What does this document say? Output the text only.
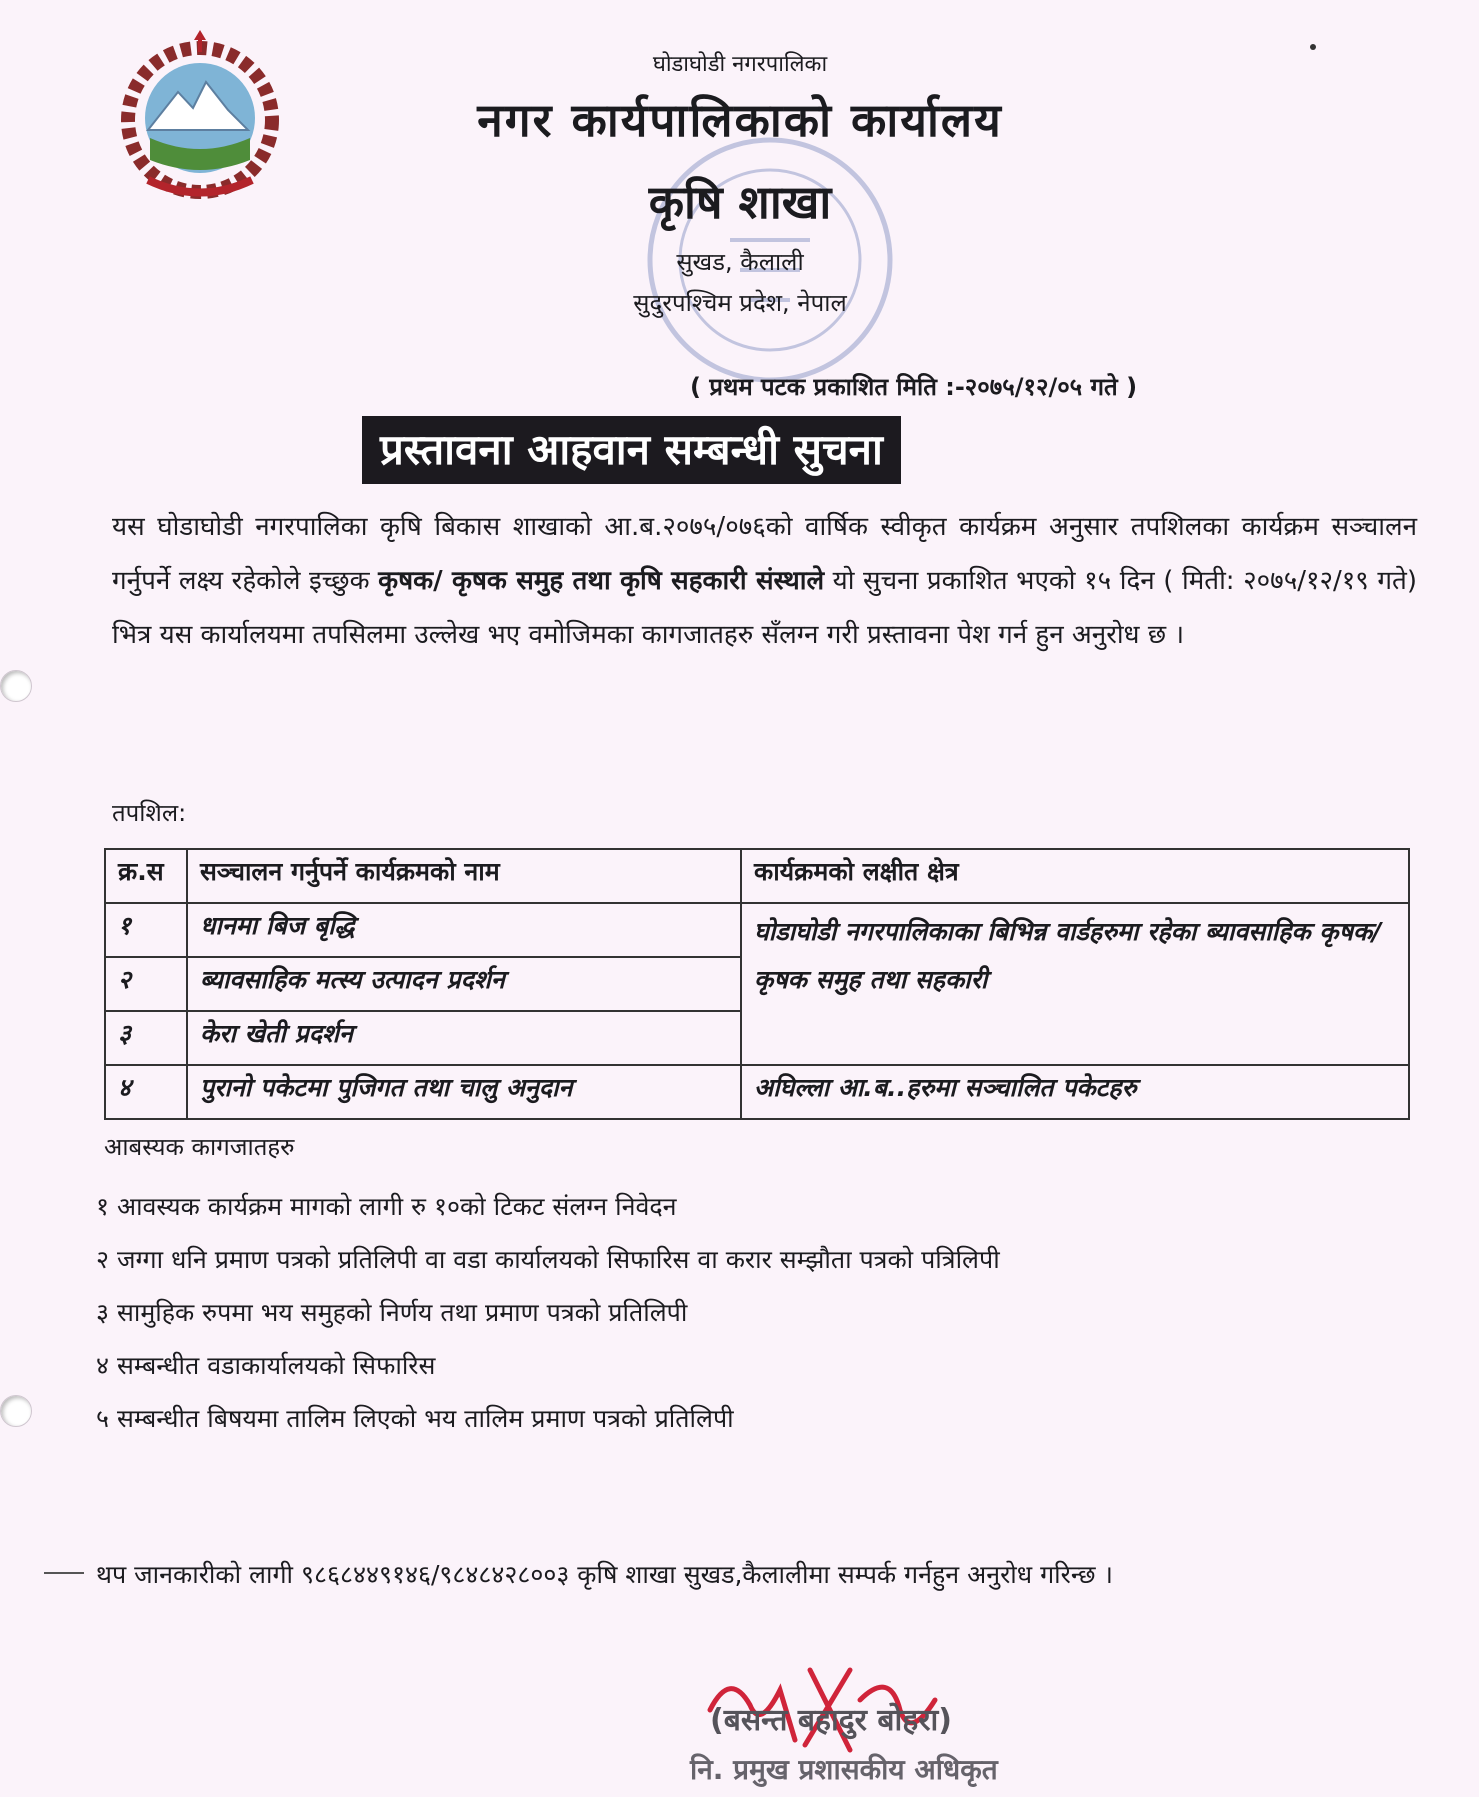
घोडाघोडी नगरपालिका
नगर कार्यपालिकाको कार्यालय
कृषि शाखा
सुखड, कैलाली
सुदुरपश्चिम प्रदेश, नेपाल
( प्रथम पटक प्रकाशित मिति :-२०७५/१२/०५ गते )
प्रस्तावना आहवान सम्बन्धी सुचना
यस घोडाघोडी नगरपालिका कृषि बिकास शाखाको आ.ब.२०७५/०७६को वार्षिक स्वीकृत कार्यक्रम अनुसार तपशिलका कार्यक्रम सञ्चालन गर्नुपर्ने लक्ष्य रहेकोले इच्छुक कृषक/ कृषक समुह तथा कृषि सहकारी संस्थाले यो सुचना प्रकाशित भएको १५ दिन ( मिती: २०७५/१२/१९ गते) भित्र यस कार्यालयमा तपसिलमा उल्लेख भए वमोजिमका कागजातहरु सँलग्न गरी प्रस्तावना पेश गर्न हुन अनुरोध छ ।
तपशिल:
क्र.स	सञ्चालन गर्नुपर्ने कार्यक्रमको नाम	कार्यक्रमको लक्षीत क्षेत्र
१	धानमा बिज बृद्धि	घोडाघोडी नगरपालिकाका बिभिन्न वार्डहरुमा रहेका ब्यावसाहिक कृषक/कृषक समुह तथा सहकारी
२	ब्यावसाहिक मत्स्य उत्पादन प्रदर्शन	
३	केरा खेती प्रदर्शन	
४	पुरानो पकेटमा पुजिगत तथा चालु अनुदान	अघिल्ला आ.ब..हरुमा सञ्चालित पकेटहरु
आबस्यक कागजातहरु
१ आवस्यक कार्यक्रम मागको लागी रु १०को टिकट संलग्न निवेदन
२ जग्गा धनि प्रमाण पत्रको प्रतिलिपी वा वडा कार्यालयको सिफारिस वा करार सम्झौता पत्रको पत्रिलिपी
३ सामुहिक रुपमा भय समुहको निर्णय तथा प्रमाण पत्रको प्रतिलिपी
४ सम्बन्धीत वडाकार्यालयको सिफारिस
५ सम्बन्धीत बिषयमा तालिम लिएको भय तालिम प्रमाण पत्रको प्रतिलिपी
थप जानकारीको लागी ९८६८४४९१४६/९८४८४२८००३ कृषि शाखा सुखड,कैलालीमा सम्पर्क गर्नहुन अनुरोध गरिन्छ ।
(बसन्त बहादुर बोहरा)
नि. प्रमुख प्रशासकीय अधिकृत
